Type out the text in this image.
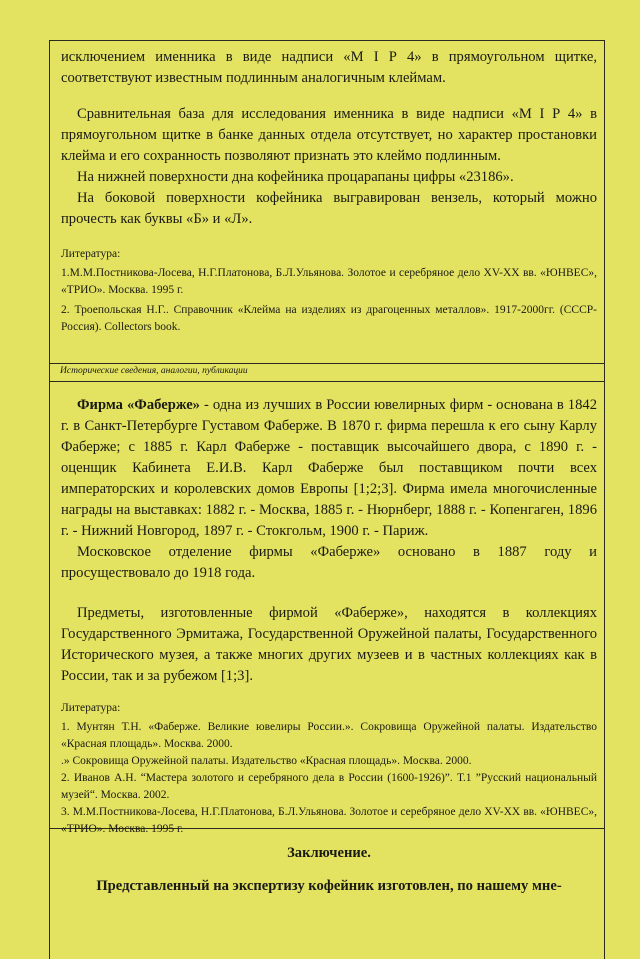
исключением именника в виде надписи «М I Р 4» в прямоугольном щитке, соответствуют известным подлинным аналогичным клеймам.

Сравнительная база для исследования именника в виде надписи «М I Р 4» в прямоугольном щитке в банке данных отдела отсутствует, но характер простановки клейма и его сохранность позволяют признать это клеймо подлинным.

На нижней поверхности дна кофейника процарапаны цифры «23186».

На боковой поверхности кофейника выгравирован вензель, который можно прочесть как буквы «Б» и «Л».

Литература:

1.М.М.Постникова-Лосева, Н.Г.Платонова, Б.Л.Ульянова. Золотое и серебряное дело XV-XX вв. «ЮНВЕС», «ТРИО». Москва. 1995 г.

2. Троепольская Н.Г.. Справочник «Клейма на изделиях из драгоценных металлов». 1917-2000гг. (СССР-Россия). Collectors book.

Исторические сведения, аналогии, публикации

Фирма «Фаберже» - одна из лучших в России ювелирных фирм - основана в 1842 г. в Санкт-Петербурге Густавом Фаберже. В 1870 г. фирма перешла к его сыну Карлу Фаберже; с 1885 г. Карл Фаберже - поставщик высочайшего двора, с 1890 г. - оценщик Кабинета Е.И.В. Карл Фаберже был поставщиком почти всех императорских и королевских домов Европы [1;2;3]. Фирма имела многочисленные награды на выставках: 1882 г. - Москва, 1885 г. - Нюрнберг, 1888 г. - Копенгаген, 1896 г. - Нижний Новгород, 1897 г. - Стокгольм, 1900 г. - Париж.

Московское отделение фирмы «Фаберже» основано в 1887 году и просуществовало до 1918 года.

Предметы, изготовленные фирмой «Фаберже», находятся в коллекциях Государственного Эрмитажа, Государственной Оружейной палаты, Государственного Исторического музея, а также многих других музеев и в частных коллекциях как в России, так и за рубежом [1;3].

Литература:

1. Мунтян Т.Н. «Фаберже. Великие ювелиры России.». Сокровища Оружейной палаты. Издательство «Красная площадь». Москва. 2000.

.» Сокровища Оружейной палаты. Издательство «Красная площадь». Москва. 2000.

2. Иванов А.Н. “Мастера золотого и серебряного дела в России (1600-1926)”. Т.1 ”Русский национальный музей“. Москва. 2002.

3. М.М.Постникова-Лосева, Н.Г.Платонова, Б.Л.Ульянова. Золотое и серебряное дело XV-XX вв. «ЮНВЕС», «ТРИО». Москва. 1995 г.

Заключение.

Представленный на экспертизу кофейник изготовлен, по нашему мне-
